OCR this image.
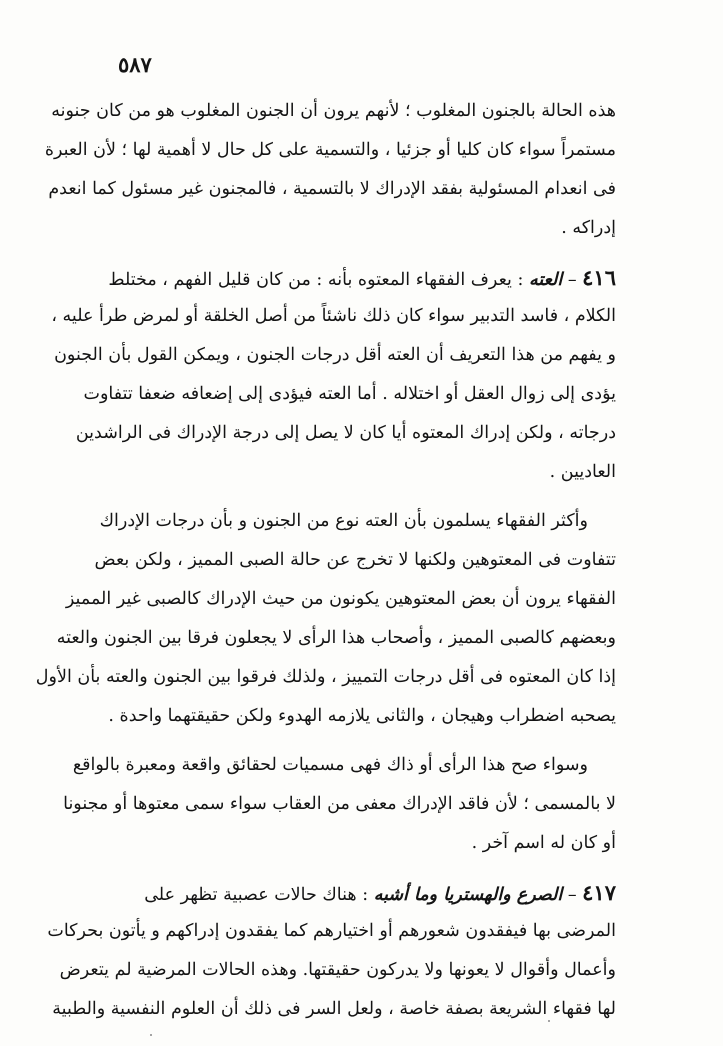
٥٨٧
هذه الحالة بالجنون المغلوب ؛ لأنهم يرون أن الجنون المغلوب هو من كان جنونه
مستمراً سواء كان كليا أو جزئيا ، والتسمية على كل حال لا أهمية لها ؛ لأن العبرة
فى انعدام المسئولية بفقد الإدراك لا بالتسمية ، فالمجنون غير مسئول كما انعدم
إدراكه .
٤١٦ – العته : يعرف الفقهاء المعتوه بأنه : من كان قليل الفهم ، مختلط
الكلام ، فاسد التدبير سواء كان ذلك ناشئاً من أصل الخلقة أو لمرض طرأ عليه ،
و يفهم من هذا التعريف أن العته أقل درجات الجنون ، ويمكن القول بأن الجنون
يؤدى إلى زوال العقل أو اختلاله . أما العته فيؤدى إلى إضعافه ضعفا تتفاوت
درجاته ، ولكن إدراك المعتوه أيا كان لا يصل إلى درجة الإدراك فى الراشدين
العاديين .
وأكثر الفقهاء يسلمون بأن العته نوع من الجنون و بأن درجات الإدراك
تتفاوت فى المعتوهين ولكنها لا تخرج عن حالة الصبى المميز ، ولكن بعض
الفقهاء يرون أن بعض المعتوهين يكونون من حيث الإدراك كالصبى غير المميز
وبعضهم كالصبى المميز ، وأصحاب هذا الرأى لا يجعلون فرقا بين الجنون والعته
إذا كان المعتوه فى أقل درجات التمييز ، ولذلك فرقوا بين الجنون والعته بأن الأول
يصحبه اضطراب وهيجان ، والثانى يلازمه الهدوء ولكن حقيقتهما واحدة .
وسواء صح هذا الرأى أو ذاك فهى مسميات لحقائق واقعة ومعبرة بالواقع
لا بالمسمى ؛ لأن فاقد الإدراك معفى من العقاب سواء سمى معتوها أو مجنونا
أو كان له اسم آخر .
٤١٧ – الصرع والهستريا وما أشبه : هناك حالات عصبية تظهر على
المرضى بها فيفقدون شعورهم أو اختيارهم كما يفقدون إدراكهم و يأتون بحركات
وأعمال وأقوال لا يعونها ولا يدركون حقيقتها. وهذه الحالات المرضية لم يتعرض
لها فقهاء الشريعة بصفة خاصة ، ولعل السر فى ذلك أن العلوم النفسية والطبية
